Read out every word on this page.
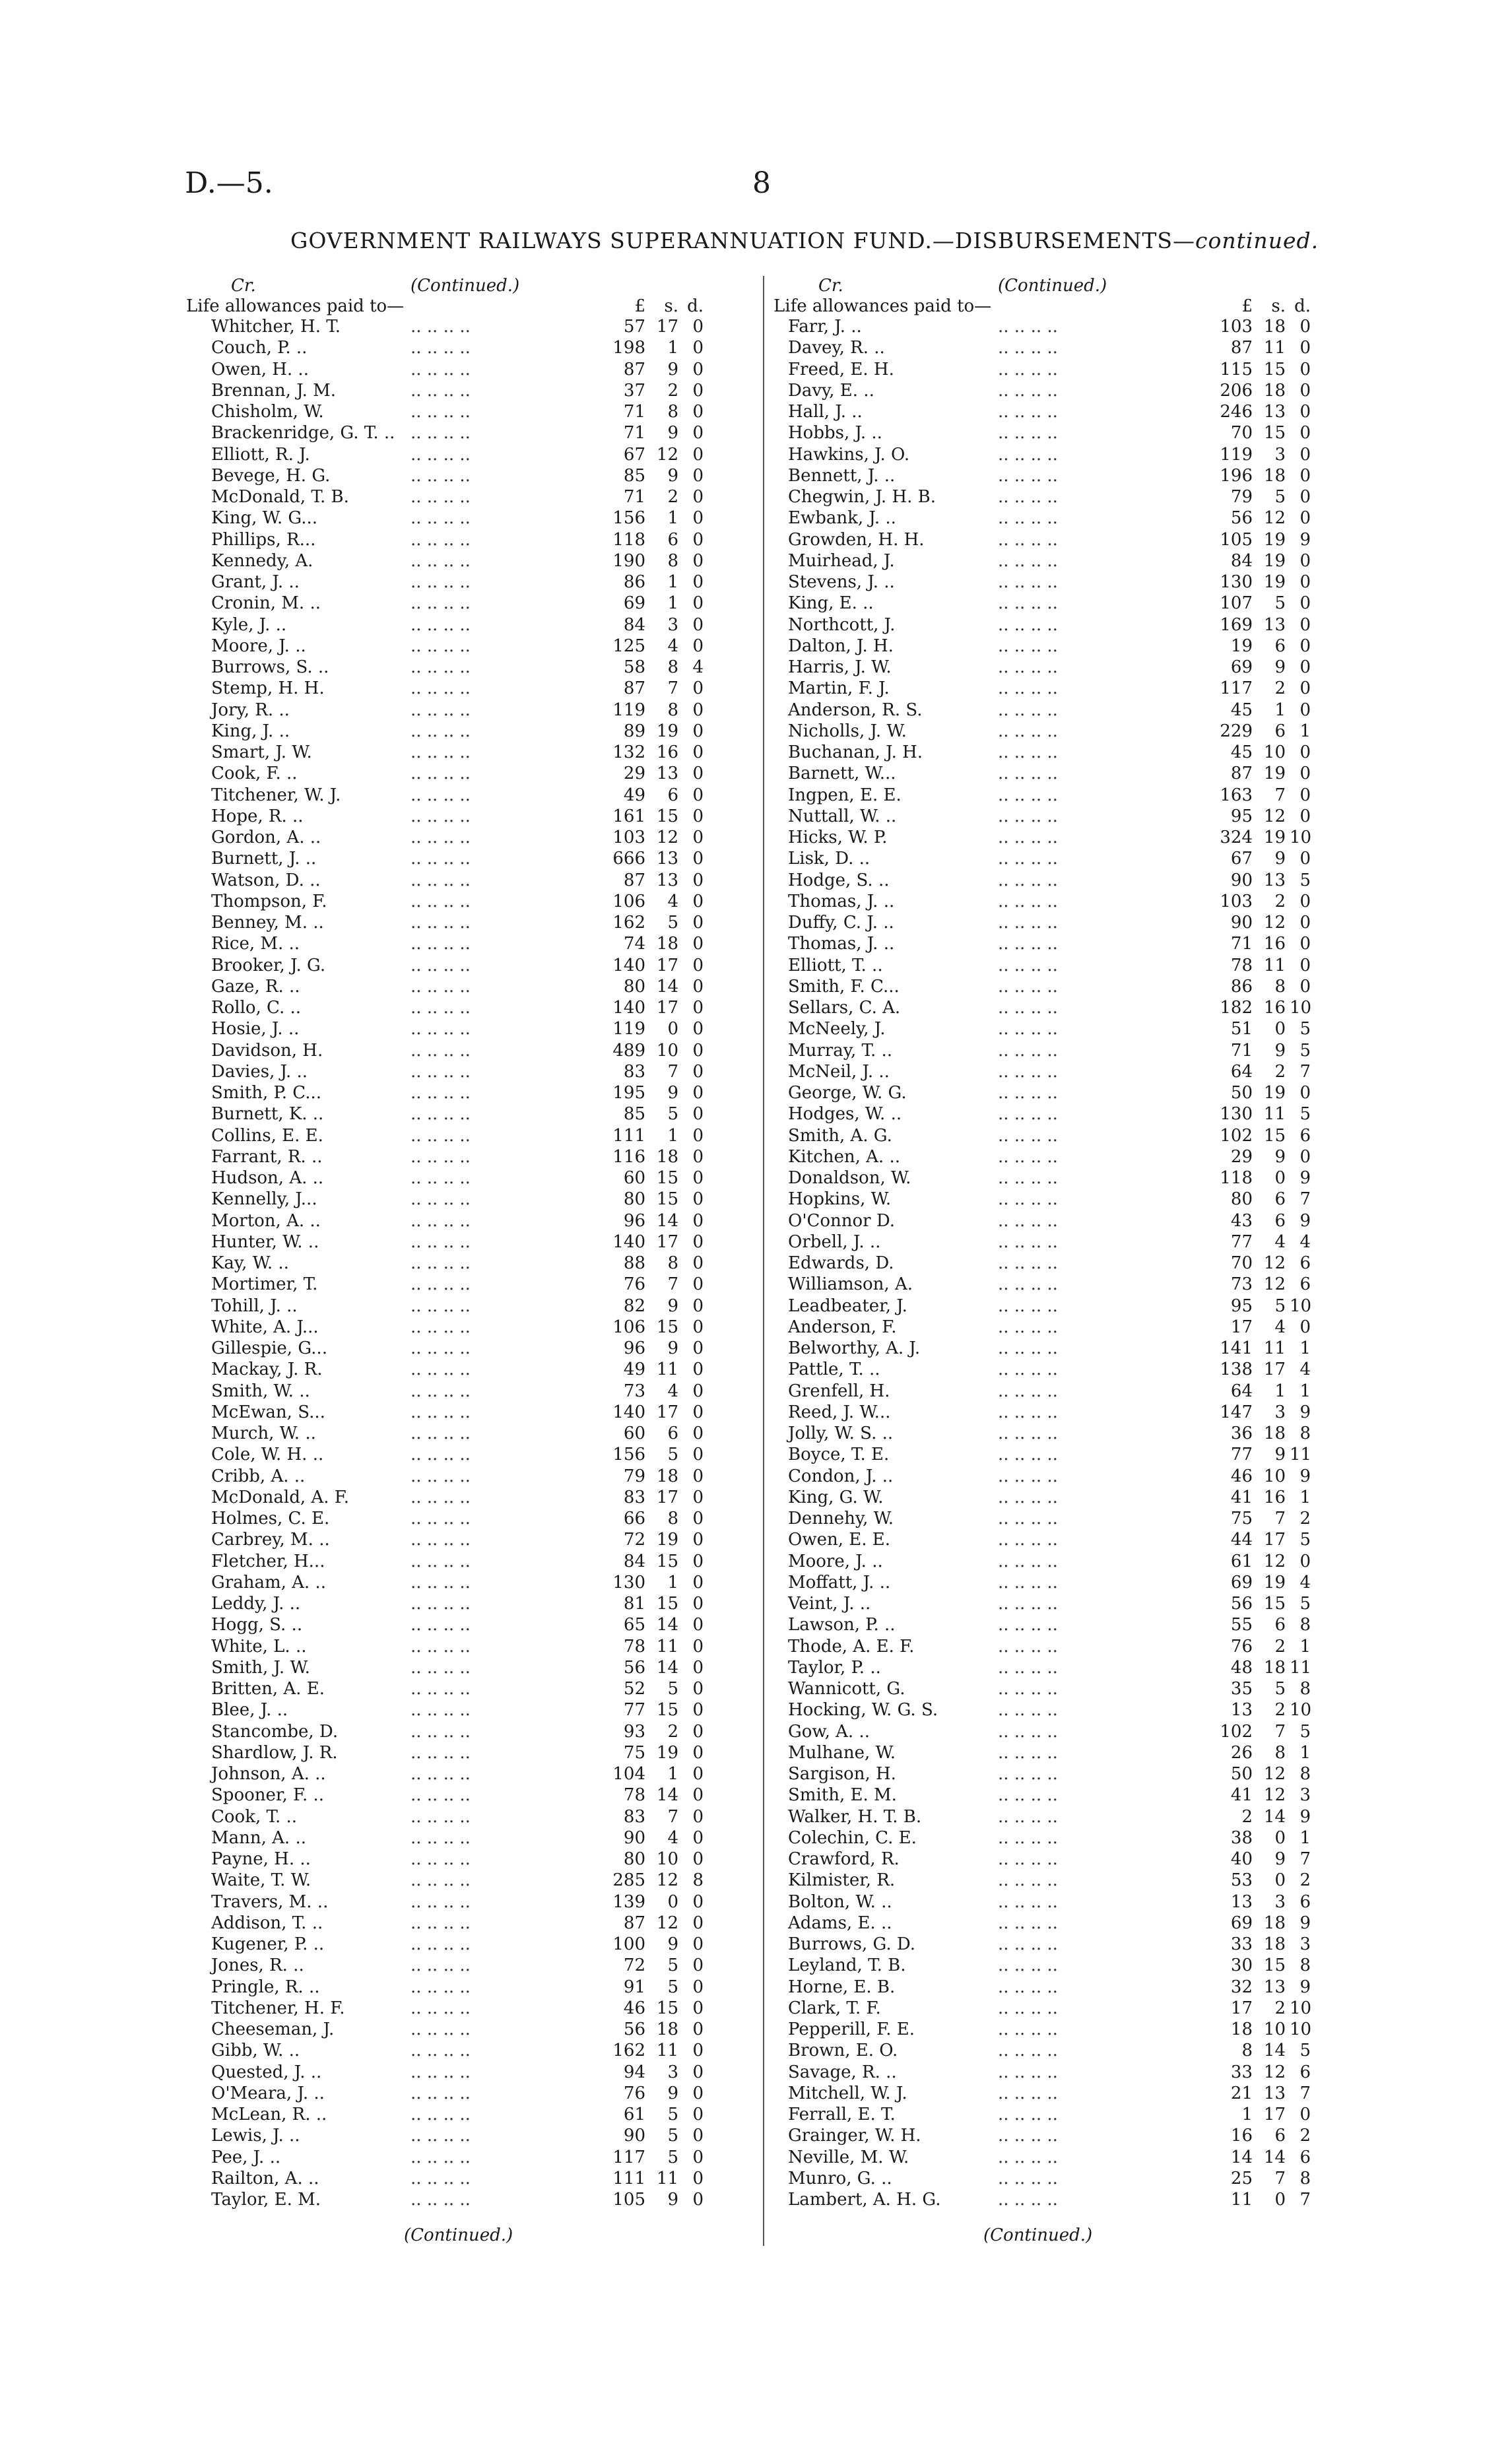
D.—5.	8
GOVERNMENT RAILWAYS SUPERANNUATION FUND.—DISBURSEMENTS—continued.
Cr.	(Continued.)
Life allowances paid to—	£	s. d.
Whitcher, H. T.	.. .. .. ..	57 17 0
Couch, P. ..	.. .. .. ..	198	1 0
Owen, H. ..	.. .. .. ..	87	9 0
Brennan, J. M.	.. .. .. ..	37	2 0
Chisholm, W.	.. .. .. ..	71	8 0
Brackenridge, G. T. .. .. .. .. ..	71	9 0
Elliott, R. J.	.. .. .. ..	67 12 0
Bevege, H. G.	.. .. .. ..	85	9 0
McDonald, T. B.	.. .. .. ..	71	2 0
King, W. G...	.. .. .. ..	156	1 0
Phillips, R...	.. .. .. ..	118	6 0
Kennedy, A.	.. .. .. ..	190	8 0
Grant, J. ..	.. .. .. ..	86	1 0
Cronin, M. ..	.. .. .. ..	69	1 0
Kyle, J. ..	.. .. .. ..	84	3 0
Moore, J. ..	.. .. .. ..	125	4 0
Burrows, S. ..	.. .. .. ..	58	8 4
Stemp, H. H.	.. .. .. ..	87	7 0
Jory, R. ..	.. .. .. ..	119	8 0
King, J. ..	.. .. .. ..	89 19 0
Smart, J. W.	.. .. .. ..	132 16 0
Cook, F. ..	.. .. .. ..	29 13 0
Titchener, W. J.	.. .. .. ..	49	6 0
Hope, R. ..	.. .. .. ..	161 15 0
Gordon, A. ..	.. .. .. ..	103 12 0
Burnett, J. ..	.. .. .. ..	666 13 0
Watson, D. ..	.. .. .. ..	87 13 0
Thompson, F.	.. .. .. ..	106	4 0
Benney, M. ..	.. .. .. ..	162	5 0
Rice, M. ..	.. .. .. ..	74 18 0
Brooker, J. G.	.. .. .. ..	140 17 0
Gaze, R. ..	.. .. .. ..	80 14 0
Rollo, C. ..	.. .. .. ..	140 17 0
Hosie, J. ..	.. .. .. ..	119	0 0
Davidson, H.	.. .. .. ..	489 10 0
Davies, J. ..	.. .. .. ..	83	7 0
Smith, P. C...	.. .. .. ..	195	9 0
Burnett, K. ..	.. .. .. ..	85	5 0
Collins, E. E.	.. .. .. ..	111	1 0
Farrant, R. ..	.. .. .. ..	116 18 0
Hudson, A. ..	.. .. .. ..	60 15 0
Kennelly, J...	.. .. .. ..	80 15 0
Morton, A. ..	.. .. .. ..	96 14 0
Hunter, W. ..	.. .. .. ..	140 17 0
Kay, W. ..	.. .. .. ..	88	8 0
Mortimer, T.	.. .. .. ..	76	7 0
Tohill, J. ..	.. .. .. ..	82	9 0
White, A. J...	.. .. .. ..	106 15 0
Gillespie, G...	.. .. .. ..	96	9 0
Mackay, J. R.	.. .. .. ..	49 11 0
Smith, W. ..	.. .. .. ..	73	4 0
McEwan, S...	.. .. .. ..	140 17 0
Murch, W. ..	.. .. .. ..	60	6 0
Cole, W. H. ..	.. .. .. ..	156	5 0
Cribb, A. ..	.. .. .. ..	79 18 0
McDonald, A. F.	.. .. .. ..	83 17 0
Holmes, C. E.	.. .. .. ..	66	8 0
Carbrey, M. ..	.. .. .. ..	72 19 0
Fletcher, H...	.. .. .. ..	84 15 0
Graham, A. ..	.. .. .. ..	130	1 0
Leddy, J. ..	.. .. .. ..	81 15 0
Hogg, S. ..	.. .. .. ..	65 14 0
White, L. ..	.. .. .. ..	78 11 0
Smith, J. W.	.. .. .. ..	56 14 0
Britten, A. E.	.. .. .. ..	52	5 0
Blee, J. ..	.. .. .. ..	77 15 0
Stancombe, D.	.. .. .. ..	93	2 0
Shardlow, J. R.	.. .. .. ..	75 19 0
Johnson, A. ..	.. .. .. ..	104	1 0
Spooner, F. ..	.. .. .. ..	78 14 0
Cook, T. ..	.. .. .. ..	83	7 0
Mann, A. ..	.. .. .. ..	90	4 0
Payne, H. ..	.. .. .. ..	80 10 0
Waite, T. W.	.. .. .. ..	285 12 8
Travers, M. ..	.. .. .. ..	139	0 0
Addison, T. ..	.. .. .. ..	87 12 0
Kugener, P. ..	.. .. .. ..	100	9 0
Jones, R. ..	.. .. .. ..	72	5 0
Pringle, R. ..	.. .. .. ..	91	5 0
Titchener, H. F.	.. .. .. ..	46 15 0
Cheeseman, J.	.. .. .. ..	56 18 0
Gibb, W. ..	.. .. .. ..	162 11 0
Quested, J. ..	.. .. .. ..	94	3 0
O'Meara, J. ..	.. .. .. ..	76	9 0
McLean, R. ..	.. .. .. ..	61	5 0
Lewis, J. ..	.. .. .. ..	90	5 0
Pee, J. ..	.. .. .. ..	117	5 0
Railton, A. ..	.. .. .. ..	111 11 0
Taylor, E. M.	.. .. .. ..	105	9 0
Cr.	(Continued.)
Life allowances paid to—	£	s. d.
Farr, J. ..	.. .. .. ..	103 18 0
Davey, R. ..	.. .. .. ..	87 11 0
Freed, E. H.	.. .. .. ..	115 15 0
Davy, E. ..	.. .. .. ..	206 18 0
Hall, J. ..	.. .. .. ..	246 13 0
Hobbs, J. ..	.. .. .. ..	70 15 0
Hawkins, J. O.	.. .. .. ..	119	3 0
Bennett, J. ..	.. .. .. ..	196 18 0
Chegwin, J. H. B.	.. .. .. ..	79	5 0
Ewbank, J. ..	.. .. .. ..	56 12 0
Growden, H. H.	.. .. .. ..	105 19 9
Muirhead, J.	.. .. .. ..	84 19 0
Stevens, J. ..	.. .. .. ..	130 19 0
King, E. ..	.. .. .. ..	107	5 0
Northcott, J.	.. .. .. ..	169 13 0
Dalton, J. H.	.. .. .. ..	19	6 0
Harris, J. W.	.. .. .. ..	69	9 0
Martin, F. J.	.. .. .. ..	117	2 0
Anderson, R. S.	.. .. .. ..	45	1 0
Nicholls, J. W.	.. .. .. ..	229	6 1
Buchanan, J. H.	.. .. .. ..	45 10 0
Barnett, W...	.. .. .. ..	87 19 0
Ingpen, E. E.	.. .. .. ..	163	7 0
Nuttall, W. ..	.. .. .. ..	95 12 0
Hicks, W. P.	.. .. .. ..	324 19 10
Lisk, D. ..	.. .. .. ..	67	9 0
Hodge, S. ..	.. .. .. ..	90 13 5
Thomas, J. ..	.. .. .. ..	103	2 0
Duffy, C. J. ..	.. .. .. ..	90 12 0
Thomas, J. ..	.. .. .. ..	71 16 0
Elliott, T. ..	.. .. .. ..	78 11 0
Smith, F. C...	.. .. .. ..	86	8 0
Sellars, C. A.	.. .. .. ..	182 16 10
McNeely, J.	.. .. .. ..	51	0 5
Murray, T. ..	.. .. .. ..	71	9 5
McNeil, J. ..	.. .. .. ..	64	2 7
George, W. G.	.. .. .. ..	50 19 0
Hodges, W. ..	.. .. .. ..	130 11 5
Smith, A. G.	.. .. .. ..	102 15 6
Kitchen, A. ..	.. .. .. ..	29	9 0
Donaldson, W.	.. .. .. ..	118	0 9
Hopkins, W.	.. .. .. ..	80	6 7
O'Connor D.	.. .. .. ..	43	6 9
Orbell, J. ..	.. .. .. ..	77	4 4
Edwards, D.	.. .. .. ..	70 12 6
Williamson, A.	.. .. .. ..	73 12 6
Leadbeater, J.	.. .. .. ..	95	5 10
Anderson, F.	.. .. .. ..	17	4 0
Belworthy, A. J.	.. .. .. ..	141 11 1
Pattle, T. ..	.. .. .. ..	138 17 4
Grenfell, H.	.. .. .. ..	64	1 1
Reed, J. W...	.. .. .. ..	147	3 9
Jolly, W. S. ..	.. .. .. ..	36 18 8
Boyce, T. E.	.. .. .. ..	77	9 11
Condon, J. ..	.. .. .. ..	46 10 9
King, G. W.	.. .. .. ..	41 16 1
Dennehy, W.	.. .. .. ..	75	7 2
Owen, E. E.	.. .. .. ..	44 17 5
Moore, J. ..	.. .. .. ..	61 12 0
Moffatt, J. ..	.. .. .. ..	69 19 4
Veint, J. ..	.. .. .. ..	56 15 5
Lawson, P. ..	.. .. .. ..	55	6 8
Thode, A. E. F.	.. .. .. ..	76	2 1
Taylor, P. ..	.. .. .. ..	48 18 11
Wannicott, G.	.. .. .. ..	35	5 8
Hocking, W. G. S.	.. .. .. ..	13	2 10
Gow, A. ..	.. .. .. ..	102	7 5
Mulhane, W.	.. .. .. ..	26	8 1
Sargison, H.	.. .. .. ..	50 12 8
Smith, E. M.	.. .. .. ..	41 12 3
Walker, H. T. B.	.. .. .. ..	2 14 9
Colechin, C. E.	.. .. .. ..	38	0 1
Crawford, R.	.. .. .. ..	40	9 7
Kilmister, R.	.. .. .. ..	53	0 2
Bolton, W. ..	.. .. .. ..	13	3 6
Adams, E. ..	.. .. .. ..	69 18 9
Burrows, G. D.	.. .. .. ..	33 18 3
Leyland, T. B.	.. .. .. ..	30 15 8
Horne, E. B.	.. .. .. ..	32 13 9
Clark, T. F.	.. .. .. ..	17	2 10
Pepperill, F. E.	.. .. .. ..	18 10 10
Brown, E. O.	.. .. .. ..	8 14 5
Savage, R. ..	.. .. .. ..	33 12 6
Mitchell, W. J.	.. .. .. ..	21 13 7
Ferrall, E. T.	.. .. .. ..	1 17 0
Grainger, W. H.	.. .. .. ..	16	6 2
Neville, M. W.	.. .. .. ..	14 14 6
Munro, G. ..	.. .. .. ..	25	7 8
Lambert, A. H. G.	.. .. .. ..	11	0 7
(Continued.)	(Continued.)
